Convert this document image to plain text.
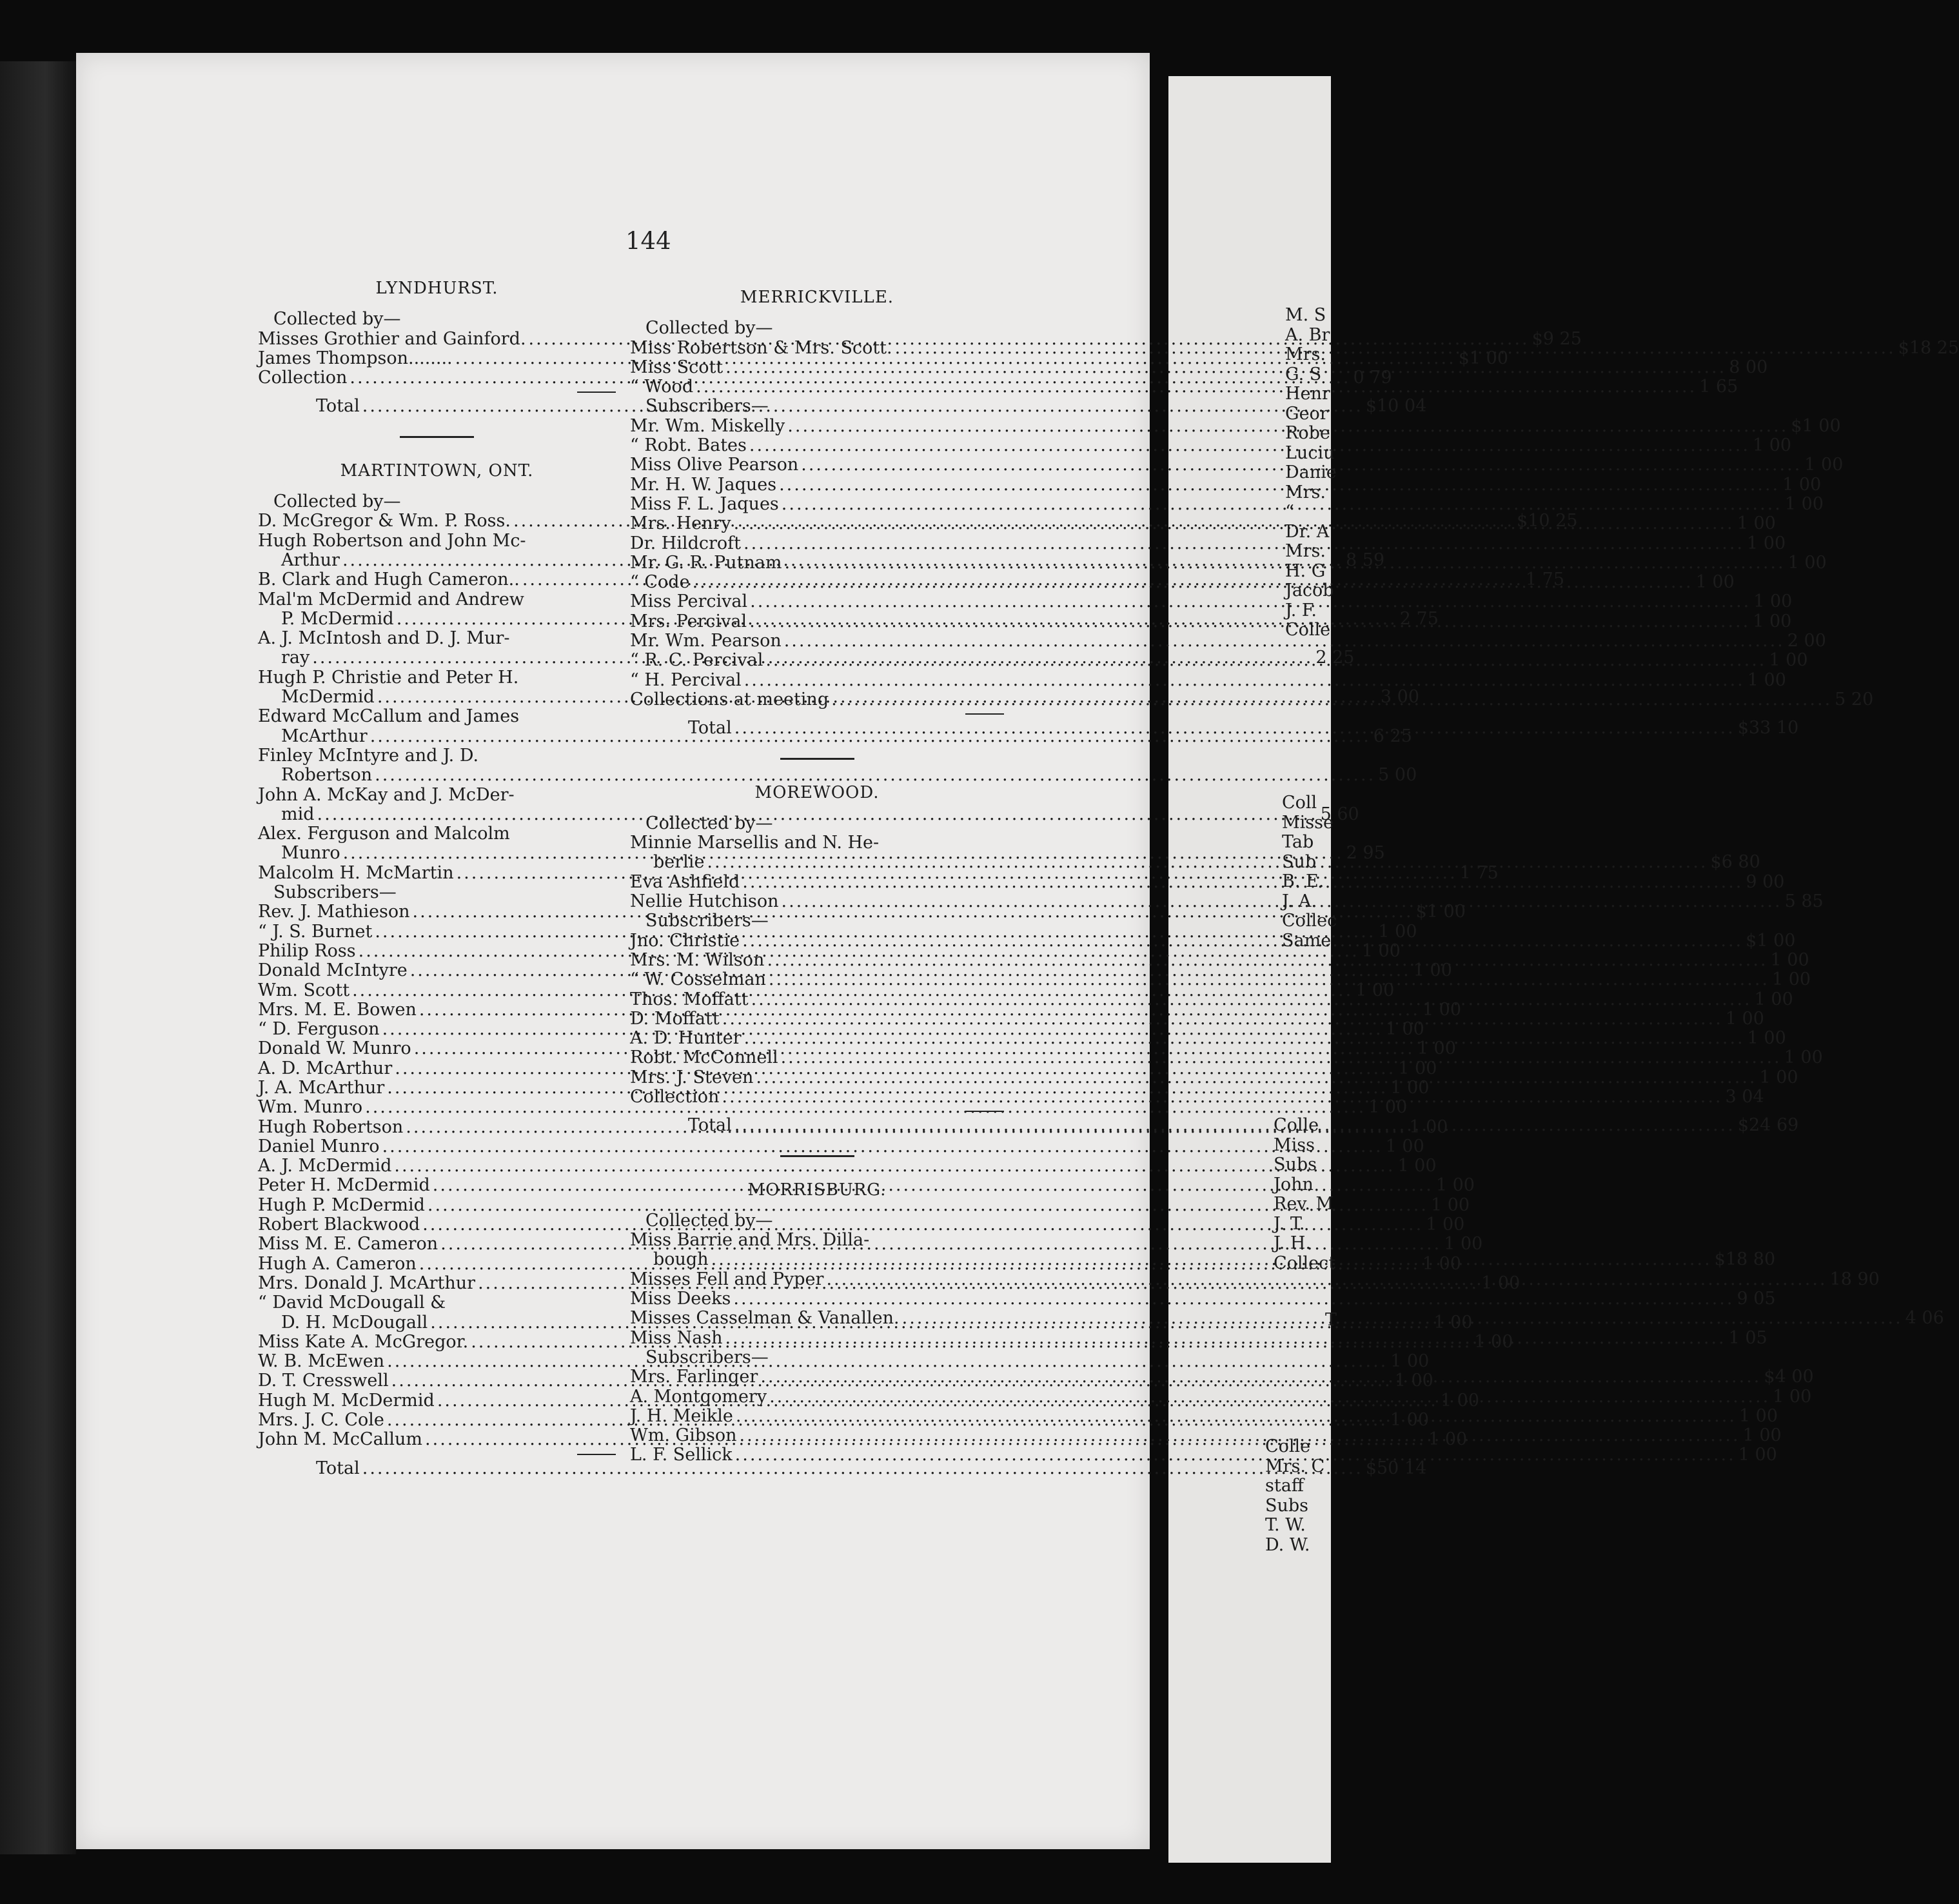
144
LYNDHURST.
Collected by—
Misses Grothier and Gainford. .....	$9 25
James Thompson........ .....	$1 00
Collection .....	0 79
Total .....	$10 04
MARTINTOWN, ONT.
Collected by—
D. McGregor & Wm. P. Ross. .....	$10 25
Hugh Robertson and John Mc-
Arthur .....	8 59
B. Clark and Hugh Cameron.. .....	1 75
Mal'm McDermid and Andrew
P. McDermid .....	2 75
A. J. McIntosh and D. J. Mur-
ray .....	2 25
Hugh P. Christie and Peter H.
McDermid .....	3 00
Edward McCallum and James
McArthur .....	6 25
Finley McIntyre and J. D.
Robertson .....	5 00
John A. McKay and J. McDer-
mid .....	5 60
Alex. Ferguson and Malcolm
Munro .....	2 95
Malcolm H. McMartin .....	1 75
Subscribers—
Rev. J. Mathieson .....	$1 00
“ J. S. Burnet .....	1 00
Philip Ross .....	1 00
Donald McIntyre .....	1 00
Wm. Scott .....	1 00
Mrs. M. E. Bowen .....	1 00
“ D. Ferguson .....	1 00
Donald W. Munro .....	1 00
A. D. McArthur .....	1 00
J. A. McArthur .....	1 00
Wm. Munro .....	1 00
Hugh Robertson .....	1 00
Daniel Munro .....	1 00
A. J. McDermid .....	1 00
Peter H. McDermid .....	1 00
Hugh P. McDermid .....	1 00
Robert Blackwood .....	1 00
Miss M. E. Cameron .....	1 00
Hugh A. Cameron .....	1 00
Mrs. Donald J. McArthur .....	1 00
“ David McDougall &
D. H. McDougall .....	1 00
Miss Kate A. McGregor. .....	1 00
W. B. McEwen .....	1 00
D. T. Cresswell .....	1 00
Hugh M. McDermid .....	1 00
Mrs. J. C. Cole .....	1 00
John M. McCallum .....	1 00
Total .....	$50 14
MERRICKVILLE.
Collected by—
Miss Robertson & Mrs. Scott. .....	$18 25
Miss Scott .....	8 00
“ Wood .....	1 65
Subscribers—
Mr. Wm. Miskelly .....	$1 00
“ Robt. Bates .....	1 00
Miss Olive Pearson .....	1 00
Mr. H. W. Jaques .....	1 00
Miss F. L. Jaques .....	1 00
Mrs. Henry .....	1 00
Dr. Hildcroft .....	1 00
Mr. G. R. Putnam .....	1 00
“ Code .....	1 00
Miss Percival .....	1 00
Mrs. Percival .....	1 00
Mr. Wm. Pearson .....	2 00
“ R. C. Percival .....	1 00
“ H. Percival .....	1 00
Collections at meeting .....	5 20
Total .....	$33 10
MOREWOOD.
Collected by—
Minnie Marsellis and N. He-
berlie .....	$6 80
Eva Ashfield .....	9 00
Nellie Hutchison .....	5 85
Subscribers—
Jno. Christie .....	$1 00
Mrs. M. Wilson .....	1 00
“ W. Cosselman .....	1 00
Thos. Moffatt .....	1 00
D. Moffatt .....	1 00
A. D. Hunter .....	1 00
Robt. McConnell .....	1 00
Mrs. J. Steven .....	1 00
Collection .....	3 04
Total .....	$24 69
MORRISBURG.
Collected by—
Miss Barrie and Mrs. Dilla-
bough .....	$18 80
Misses Fell and Pyper .....	18 90
Miss Deeks .....	9 05
Misses Casselman & Vanallen. .....	4 06
Miss Nash .....	1 05
Subscribers—
Mrs. Farlinger .....	$4 00
A. Montgomery .....	1 00
J. H. Meikle .....	1 00
Wm. Gibson .....	1 00
L. F. Sellick .....	1 00
M. S
A. Br
Mrs.
G. S
Henr
Geor
Robe
Luciu
Danie
Mrs.
“
Dr. A
Mrs.
H. G
Jacob
J. F.
Colle
Coll
Misse
Tab
Sub
B. E.
J. A.
Collec
Same
Colle
Miss
Subs
John
Rev. M
J. T.
J. H.
Collect
T
Colle
Mrs. C
staff
Subs
T. W.
D. W.
